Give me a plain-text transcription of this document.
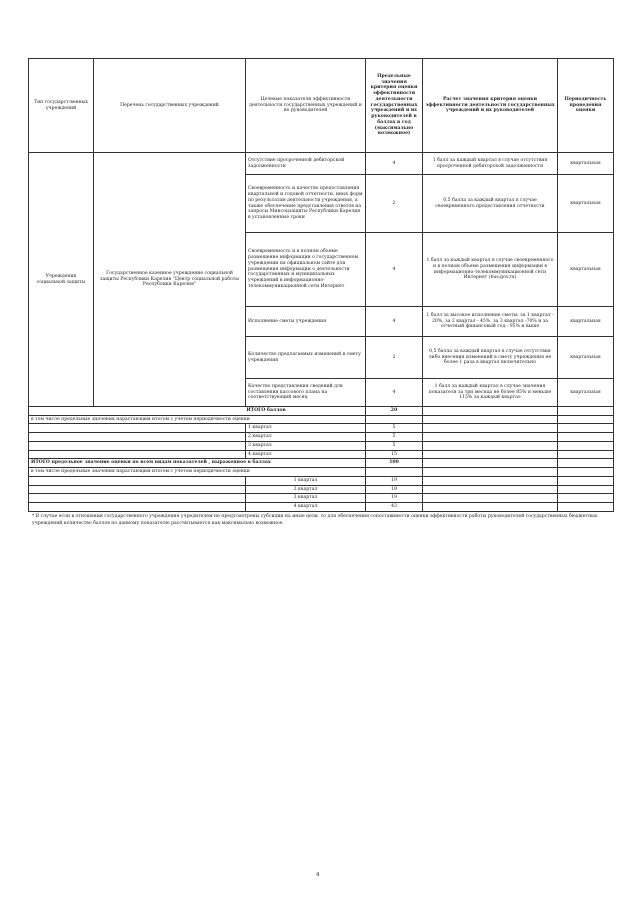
Тип государст-венных учреждений	Перечень государственных учреждений	Целевые показатели эффективности деятельности государственных учреждений и их руководителей	Предельные значения критерия оценки эффективности деятельности государственных учреждений и их руководителей в баллах в год (максимально возможное)	Расчет значения критерия оценки эффективности деятельности государственных учреждений и их руководителей	Периодичность проведения оценки
Учреждения социальной защиты	Государственное казенное учреждение социальной защиты Республики Карелия "Центр социальной работы Республики Карелия"	Отсутствие просроченной дебиторской задолженности	4	1 балл за каждый квартал в случае отсутствия просроченной дебиторской задолженности	квартальная
		Своевременность и качество предоставления квартальной и годовой отчетности, иных форм по результатам деятельности учреждения, а также обеспечение представления ответов на запросы Минсоцзащиты Республики Карелия в установленные сроки	2	0,5 балла за каждый квартал в случае своевременного предоставления отчетности	квартальная
		Своевременность и в полном объеме размещение информации о государственном учреждении на официальном сайте для размещения информации о деятельности государственных и муниципальных учреждений в информационно-телекоммуникационной сети Интернет	4	1 балл за каждый квартал в случае своевременного и в полном объеме размещения информации в информационно-телекоммуникационной сети Интернет (bus.gov.ru)	квартальная
		Исполнение сметы учреждения	4	1 балл за высокое исполнение сметы: за 1 квартал - 20%, за 2 квартал - 45%, за 3 квартал -70% и за отчетный финансовый год - 95% и выше	квартальная
		Количество предлагаемых изменений в смету учреждения	2	0,5 балла за каждый квартал в случае отсутствия либо внесения изменений в смету учреждения не более 1 раза в квартал включительно	квартальная
		Качество представления сведений для составления кассового плана на соответствующий месяц	4	1 балл за каждый квартал в случае значения показателя за три месяца не более 85% и меньше 115% за каждый квартал	квартальная
ИТОГО баллов			20		
в том числе предельные значения нарастающим итогом с учетом периодичности оценки					
		1 квартал	5		
		2 квартал	5		
		3 квартал	5		
		4 квартал	15		
ИТОГО предельное значение оценки по всем видам показателей , выраженное в баллах			100		
в том числе предельные значения нарастающим итогом с учетом периодичности оценки					
		1 квартал	19		
		2 квартал	19		
		3 квартал	19		
		4 квартал	43		
* В случае если в отношении государственного учреждения учредителем не предусмотрены субсидии на иные цели, то для обеспечения сопоставимости оценки эффективности работы руководителей государственных бюджетных учреждений количество баллов по данному показателю рассчитывается как максимально возможное.
4
